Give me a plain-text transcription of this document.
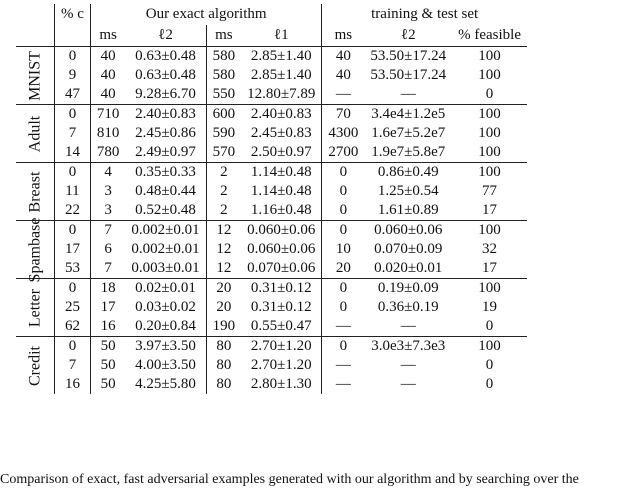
	% c	Our exact algorithm				training & test set		
		ms	ℓ2	ms	ℓ1	ms	ℓ2	% feasible

MNIST	0	40	0.63±0.48	580	2.85±1.40	40	53.50±17.24	100
	9	40	0.63±0.48	580	2.85±1.40	40	53.50±17.24	100
	47	40	9.28±6.70	550	12.80±7.89	—	—	0

Adult	0	710	2.40±0.83	600	2.40±0.83	70	3.4e4±1.2e5	100
	7	810	2.45±0.86	590	2.45±0.83	4300	1.6e7±5.2e7	100
	14	780	2.49±0.97	570	2.50±0.97	2700	1.9e7±5.8e7	100

Breast	0	4	0.35±0.33	2	1.14±0.48	0	0.86±0.49	100
	11	3	0.48±0.44	2	1.14±0.48	0	1.25±0.54	77
	22	3	0.52±0.48	2	1.16±0.48	0	1.61±0.89	17

Spambase	0	7	0.002±0.01	12	0.060±0.06	0	0.060±0.06	100
	17	6	0.002±0.01	12	0.060±0.06	10	0.070±0.09	32
	53	7	0.003±0.01	12	0.070±0.06	20	0.020±0.01	17

Letter	0	18	0.02±0.01	20	0.31±0.12	0	0.19±0.09	100
	25	17	0.03±0.02	20	0.31±0.12	0	0.36±0.19	19
	62	16	0.20±0.84	190	0.55±0.47	—	—	0

Credit	0	50	3.97±3.50	80	2.70±1.20	0	3.0e3±7.3e3	100
	7	50	4.00±3.50	80	2.70±1.20	—	—	0
	16	50	4.25±5.80	80	2.80±1.30	—	—	0
Comparison of exact, fast adversarial examples generated with our algorithm and by searching over the
